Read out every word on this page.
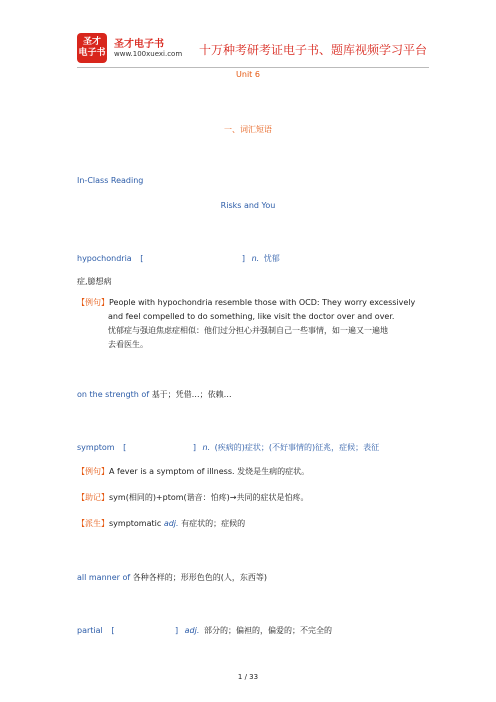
圣才
电子书
圣才电子书
www.100xuexi.com 十万种考研考证电子书、题库视频学习平台
Unit 6
一、词汇短语
In-Class Reading
Risks and You
hypochondria [	] n. 忧郁
症,臆想病
【例句】People with hypochondria resemble those with OCD: They worry excessively
and feel compelled to do something, like visit the doctor over and over.
忧郁症与强迫焦虑症相似：他们过分担心并强制自己一些事情，如一遍又一遍地
去看医生。
on the strength of 基于；凭借…；依赖…
symptom [	] n. (疾病的)症状；(不好事情的)征兆，症候；表征
【例句】A fever is a symptom of illness. 发烧是生病的症状。
【助记】sym(相同的)+ptom(谐音：怕疼)→共同的症状是怕疼。
【派生】symptomatic adj. 有症状的；症候的
all manner of 各种各样的；形形色色的(人，东西等)
partial [	] adj. 部分的；偏袒的，偏爱的；不完全的
1 / 33
